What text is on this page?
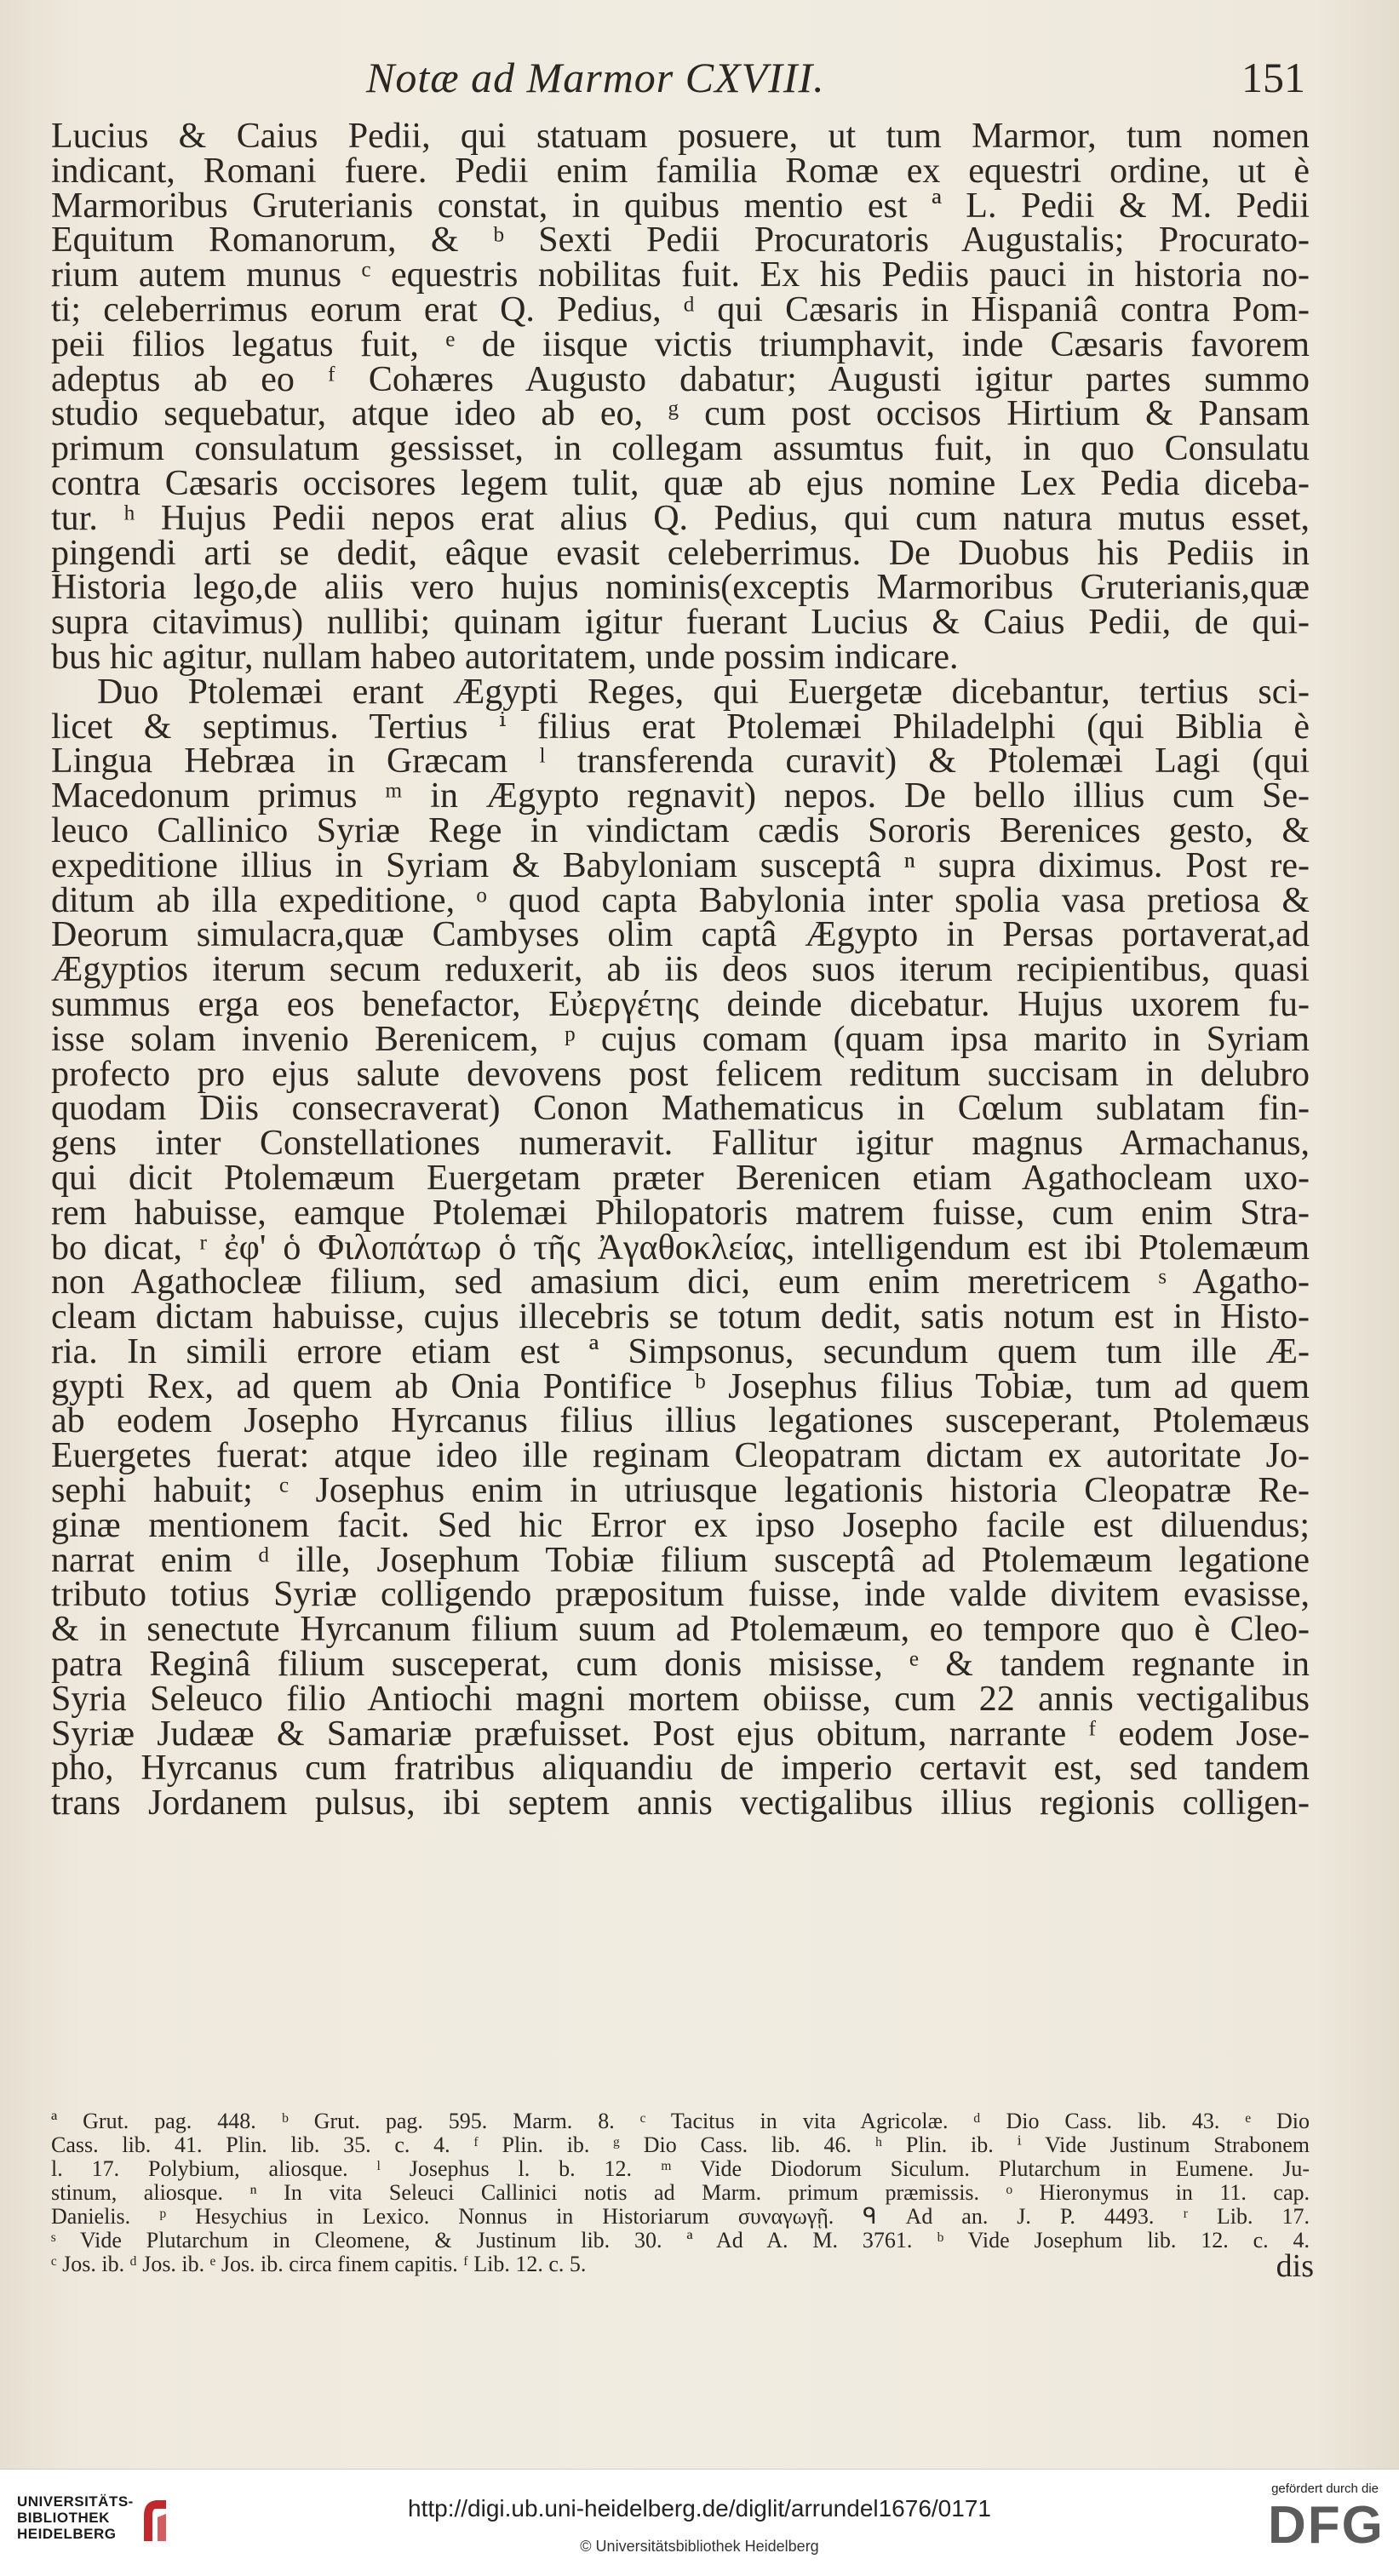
Notæ ad Marmor CXVIII.	151
Lucius & Caius Pedii, qui statuam posuere, ut tum Marmor, tum nomen
indicant, Romani fuere. Pedii enim familia Romæ ex equestri ordine, ut è
Marmoribus Gruterianis constat, in quibus mentio est ª L. Pedii & M. Pedii
Equitum Romanorum, & ᵇ Sexti Pedii Procuratoris Augustalis; Procurato-
rium autem munus ᶜ equestris nobilitas fuit. Ex his Pediis pauci in historia no-
ti; celeberrimus eorum erat Q. Pedius, ᵈ qui Cæsaris in Hispaniâ contra Pom-
peii filios legatus fuit, ᵉ de iisque victis triumphavit, inde Cæsaris favorem
adeptus ab eo ᶠ Cohæres Augusto dabatur; Augusti igitur partes summo
studio sequebatur, atque ideo ab eo, ᵍ cum post occisos Hirtium & Pansam
primum consulatum gessisset, in collegam assumtus fuit, in quo Consulatu
contra Cæsaris occisores legem tulit, quæ ab ejus nomine Lex Pedia diceba-
tur. ʰ Hujus Pedii nepos erat alius Q. Pedius, qui cum natura mutus esset,
pingendi arti se dedit, eâque evasit celeberrimus. De Duobus his Pediis in
Historia lego,de aliis vero hujus nominis(exceptis Marmoribus Gruterianis,quæ
supra citavimus) nullibi; quinam igitur fuerant Lucius & Caius Pedii, de qui-
bus hic agitur, nullam habeo autoritatem, unde possim indicare.
Duo Ptolemæi erant Ægypti Reges, qui Euergetæ dicebantur, tertius sci-
licet & septimus. Tertius ⁱ filius erat Ptolemæi Philadelphi (qui Biblia è
Lingua Hebræa in Græcam ˡ transferenda curavit) & Ptolemæi Lagi (qui
Macedonum primus ᵐ in Ægypto regnavit) nepos. De bello illius cum Se-
leuco Callinico Syriæ Rege in vindictam cædis Sororis Berenices gesto, &
expeditione illius in Syriam & Babyloniam susceptâ ⁿ supra diximus. Post re-
ditum ab illa expeditione, ᵒ quod capta Babylonia inter spolia vasa pretiosa &
Deorum simulacra,quæ Cambyses olim captâ Ægypto in Persas portaverat,ad
Ægyptios iterum secum reduxerit, ab iis deos suos iterum recipientibus, quasi
summus erga eos benefactor, Εὐεργέτης deinde dicebatur. Hujus uxorem fu-
isse solam invenio Berenicem, ᵖ cujus comam (quam ipsa marito in Syriam
profecto pro ejus salute devovens post felicem reditum succisam in delubro
quodam Diis consecraverat) Conon Mathematicus in Cœlum sublatam fin-
gens inter Constellationes numeravit. Fallitur igitur magnus Armachanus,
qui dicit Ptolemæum Euergetam præter Berenicen etiam Agathocleam uxo-
rem habuisse, eamque Ptolemæi Philopatoris matrem fuisse, cum enim Stra-
bo dicat, ʳ ἐφ' ὁ Φιλοπάτωρ ὁ τῆς Ἀγαθοκλείας, intelligendum est ibi Ptolemæum
non Agathocleæ filium, sed amasium dici, eum enim meretricem ˢ Agatho-
cleam dictam habuisse, cujus illecebris se totum dedit, satis notum est in Histo-
ria. In simili errore etiam est ª Simpsonus, secundum quem tum ille Æ-
gypti Rex, ad quem ab Onia Pontifice ᵇ Josephus filius Tobiæ, tum ad quem
ab eodem Josepho Hyrcanus filius illius legationes susceperant, Ptolemæus
Euergetes fuerat: atque ideo ille reginam Cleopatram dictam ex autoritate Jo-
sephi habuit; ᶜ Josephus enim in utriusque legationis historia Cleopatræ Re-
ginæ mentionem facit. Sed hic Error ex ipso Josepho facile est diluendus;
narrat enim ᵈ ille, Josephum Tobiæ filium susceptâ ad Ptolemæum legatione
tributo totius Syriæ colligendo præpositum fuisse, inde valde divitem evasisse,
& in senectute Hyrcanum filium suum ad Ptolemæum, eo tempore quo è Cleo-
patra Reginâ filium susceperat, cum donis misisse, ᵉ & tandem regnante in
Syria Seleuco filio Antiochi magni mortem obiisse, cum 22 annis vectigalibus
Syriæ Judææ & Samariæ præfuisset. Post ejus obitum, narrante ᶠ eodem Jose-
pho, Hyrcanus cum fratribus aliquandiu de imperio certavit est, sed tandem
trans Jordanem pulsus, ibi septem annis vectigalibus illius regionis colligen-
ª Grut. pag. 448. ᵇ Grut. pag. 595. Marm. 8. ᶜ Tacitus in vita Agricolæ. ᵈ Dio Cass. lib. 43. ᵉ Dio
Cass. lib. 41. Plin. lib. 35. c. 4. ᶠ Plin. ib. ᵍ Dio Cass. lib. 46. ʰ Plin. ib. ⁱ Vide Justinum Strabonem
l. 17. Polybium, aliosque. ˡ Josephus l. b. 12. ᵐ Vide Diodorum Siculum. Plutarchum in Eumene. Ju-
stinum, aliosque. ⁿ In vita Seleuci Callinici notis ad Marm. primum præmissis. ᵒ Hieronymus in 11. cap.
Danielis. ᵖ Hesychius in Lexico. Nonnus in Historiarum συναγωγῇ. ᑫ Ad an. J. P. 4493. ʳ Lib. 17.
ˢ Vide Plutarchum in Cleomene, & Justinum lib. 30. ª Ad A. M. 3761. ᵇ Vide Josephum lib. 12. c. 4.
ᶜ Jos. ib. ᵈ Jos. ib. ᵉ Jos. ib. circa finem capitis. ᶠ Lib. 12. c. 5.	dis
UNIVERSITÄTS-
BIBLIOTHEK
HEIDELBERG
http://digi.ub.uni-heidelberg.de/diglit/arrundel1676/0171
© Universitätsbibliothek Heidelberg
gefördert durch die
DFG
